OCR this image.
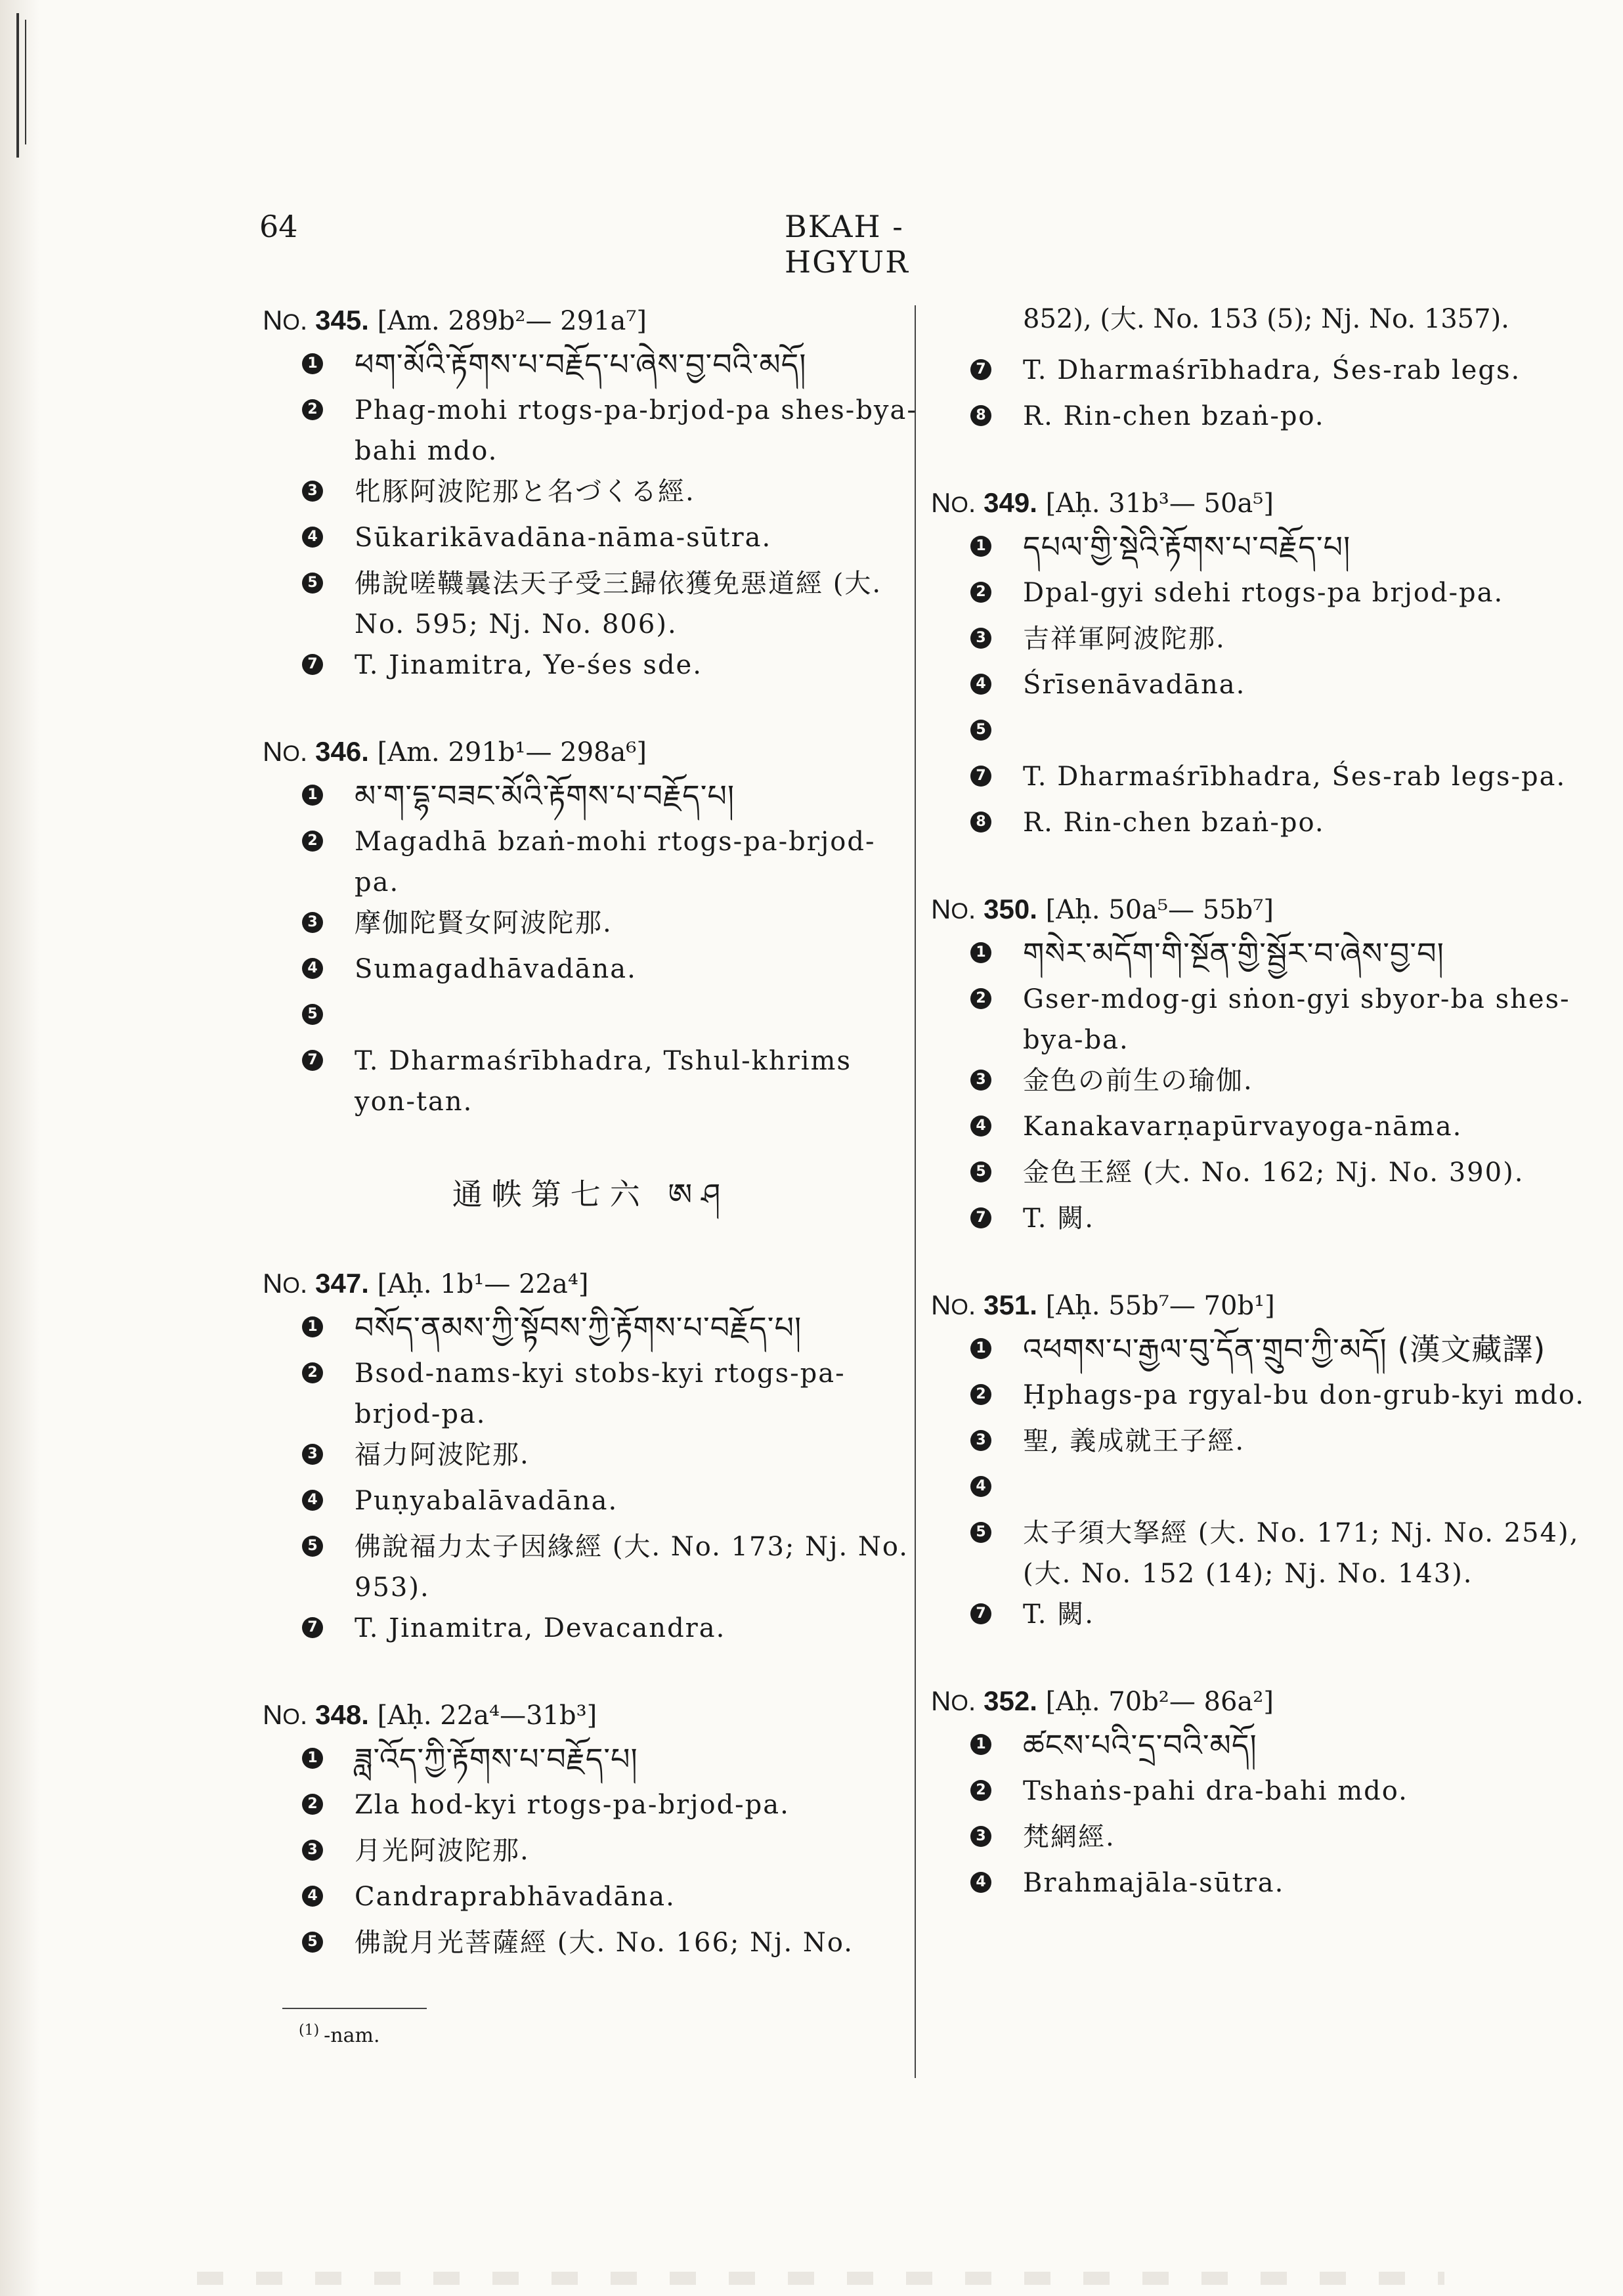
64	BKAH - HGYUR
NO. 345. [Am. 289b²— 291a⁷]
1 ཕག་མོའི་རྟོགས་པ་བརྗོད་པ་ཞེས་བྱ་བའི་མདོ།
2 Phag-mohi rtogs-pa-brjod-pa shes-bya-bahi mdo.
3 牝豚阿波陀那と名づくる經.
4 Sūkarikāvadāna-nāma-sūtra.
5 佛說嗟韈曩法天子受三歸依獲免惡道經 (大. No. 595; Nj. No. 806).
7 T. Jinamitra, Ye-śes sde.
NO. 346. [Am. 291b¹— 298a⁶]
1 མ་ག་དྷ་བཟང་མོའི་རྟོགས་པ་བརྗོད་པ།
2 Magadhā bzaṅ-mohi rtogs-pa-brjod-pa.
3 摩伽陀賢女阿波陀那.
4 Sumagadhāvadāna.
5
7 T. Dharmaśrībhadra, Tshul-khrims yon-tan.
通帙第七六 ཨཤ
NO. 347. [Aḥ. 1b¹— 22a⁴]
1 བསོད་ནམས་ཀྱི་སྟོབས་ཀྱི་རྟོགས་པ་བརྗོད་པ།
2 Bsod-nams-kyi stobs-kyi rtogs-pa-brjod-pa.
3 福力阿波陀那.
4 Puṇyabalāvadāna.
5 佛說福力太子因緣經 (大. No. 173; Nj. No. 953).
7 T. Jinamitra, Devacandra.
NO. 348. [Aḥ. 22a⁴—31b³]
1 ཟླ་འོད་ཀྱི་རྟོགས་པ་བརྗོད་པ།
2 Zla hod-kyi rtogs-pa-brjod-pa.
3 月光阿波陀那.
4 Candraprabhāvadāna.
5 佛說月光菩薩經 (大. No. 166; Nj. No.
$^{(1)}$ -nam.
852), (大. No. 153 (5); Nj. No. 1357).
7 T. Dharmaśrībhadra, Śes-rab legs.
8 R. Rin-chen bzaṅ-po.
NO. 349. [Aḥ. 31b³— 50a⁵]
1 དཔལ་གྱི་སྡེའི་རྟོགས་པ་བརྗོད་པ།
2 Dpal-gyi sdehi rtogs-pa brjod-pa.
3 吉祥軍阿波陀那.
4 Śrīsenāvadāna.
5
7 T. Dharmaśrībhadra, Śes-rab legs-pa.
8 R. Rin-chen bzaṅ-po.
NO. 350. [Aḥ. 50a⁵— 55b⁷]
1 གསེར་མདོག་གི་སྔོན་གྱི་སྦྱོར་བ་ཞེས་བྱ་བ།
2 Gser-mdog-gi sṅon-gyi sbyor-ba shes-bya-ba.
3 金色の前生の瑜伽.
4 Kanakavarṇapūrvayoga-nāma.
5 金色王經 (大. No. 162; Nj. No. 390).
7 T. 闕.
NO. 351. [Aḥ. 55b⁷— 70b¹]
1 འཕགས་པ་རྒྱལ་བུ་དོན་གྲུབ་ཀྱི་མདོ། (漢文藏譯)
2 Ḥphags-pa rgyal-bu don-grub-kyi mdo.
3 聖, 義成就王子經.
4
5 太子須大拏經 (大. No. 171; Nj. No. 254), (大. No. 152 (14); Nj. No. 143).
7 T. 闕.
NO. 352. [Aḥ. 70b²— 86a²]
1 ཚངས་པའི་དྲ་བའི་མདོ།
2 Tshaṅs-pahi dra-bahi mdo.
3 梵網經.
4 Brahmajāla-sūtra.
